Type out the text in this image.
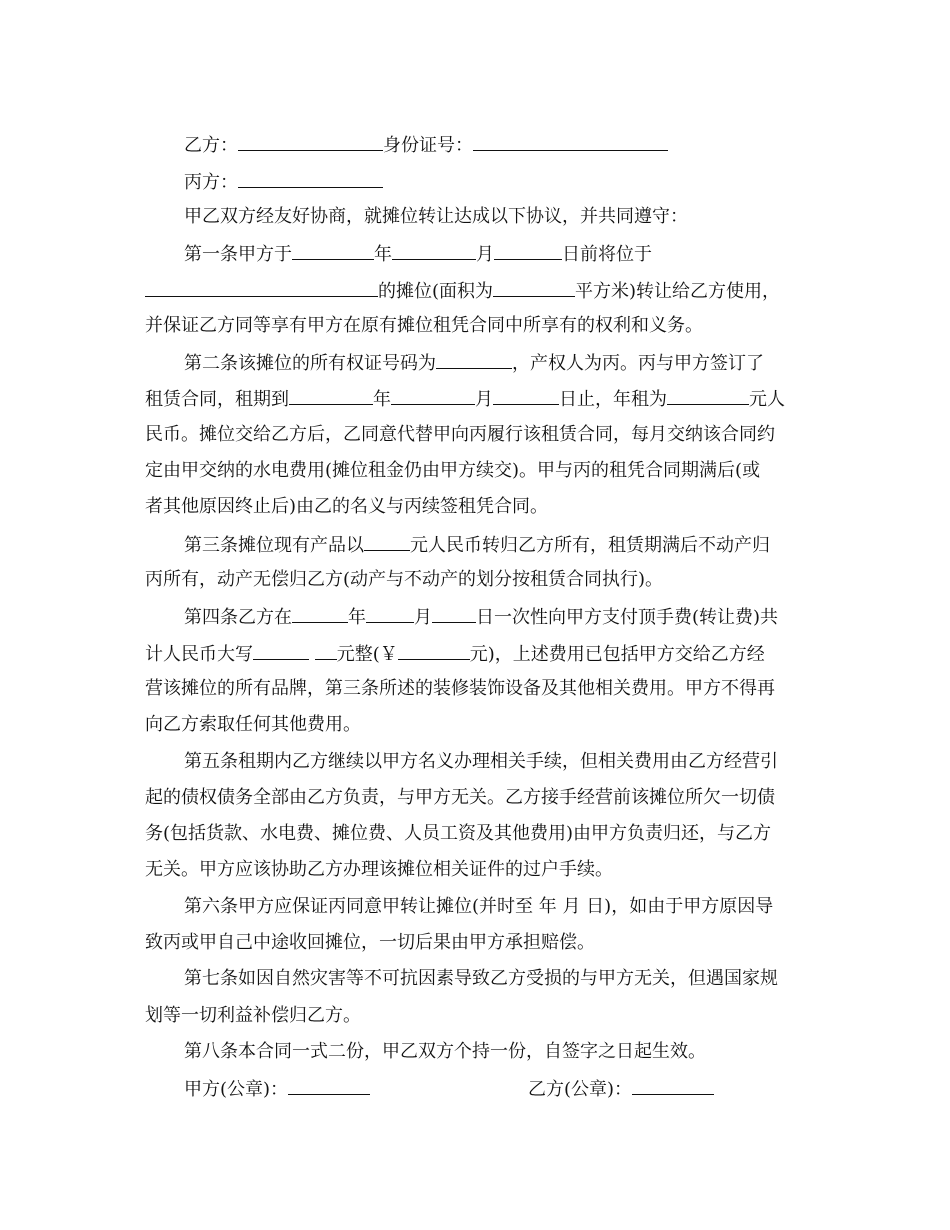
乙方：	身份证号：
丙方：
甲乙双方经友好协商，就摊位转让达成以下协议，并共同遵守：
第一条甲方于	年	月	日前将位于
的摊位(面积为	平方米)转让给乙方使用，
并保证乙方同等享有甲方在原有摊位租凭合同中所享有的权利和义务。
第二条该摊位的所有权证号码为	，产权人为丙。丙与甲方签订了
租赁合同，租期到	年	月	日止，年租为	元人
民币。摊位交给乙方后，乙同意代替甲向丙履行该租赁合同，每月交纳该合同约
定由甲交纳的水电费用(摊位租金仍由甲方续交)。甲与丙的租凭合同期满后(或
者其他原因终止后)由乙的名义与丙续签租凭合同。
第三条摊位现有产品以	元人民币转归乙方所有，租赁期满后不动产归
丙所有，动产无偿归乙方(动产与不动产的划分按租赁合同执行)。
第四条乙方在	年	月 日一次性向甲方支付顶手费(转让费)共
计人民币大写	元整(￥	元)，上述费用已包括甲方交给乙方经
营该摊位的所有品牌，第三条所述的装修装饰设备及其他相关费用。甲方不得再
向乙方索取任何其他费用。
第五条租期内乙方继续以甲方名义办理相关手续，但相关费用由乙方经营引
起的债权债务全部由乙方负责，与甲方无关。乙方接手经营前该摊位所欠一切债
务(包括货款、水电费、摊位费、人员工资及其他费用)由甲方负责归还，与乙方
无关。甲方应该协助乙方办理该摊位相关证件的过户手续。
第六条甲方应保证丙同意甲转让摊位(并时至 年 月 日)，如由于甲方原因导
致丙或甲自己中途收回摊位，一切后果由甲方承担赔偿。
第七条如因自然灾害等不可抗因素导致乙方受损的与甲方无关，但遇国家规
划等一切利益补偿归乙方。
第八条本合同一式二份，甲乙双方个持一份，自签字之日起生效。
甲方(公章)：	乙方(公章)：
